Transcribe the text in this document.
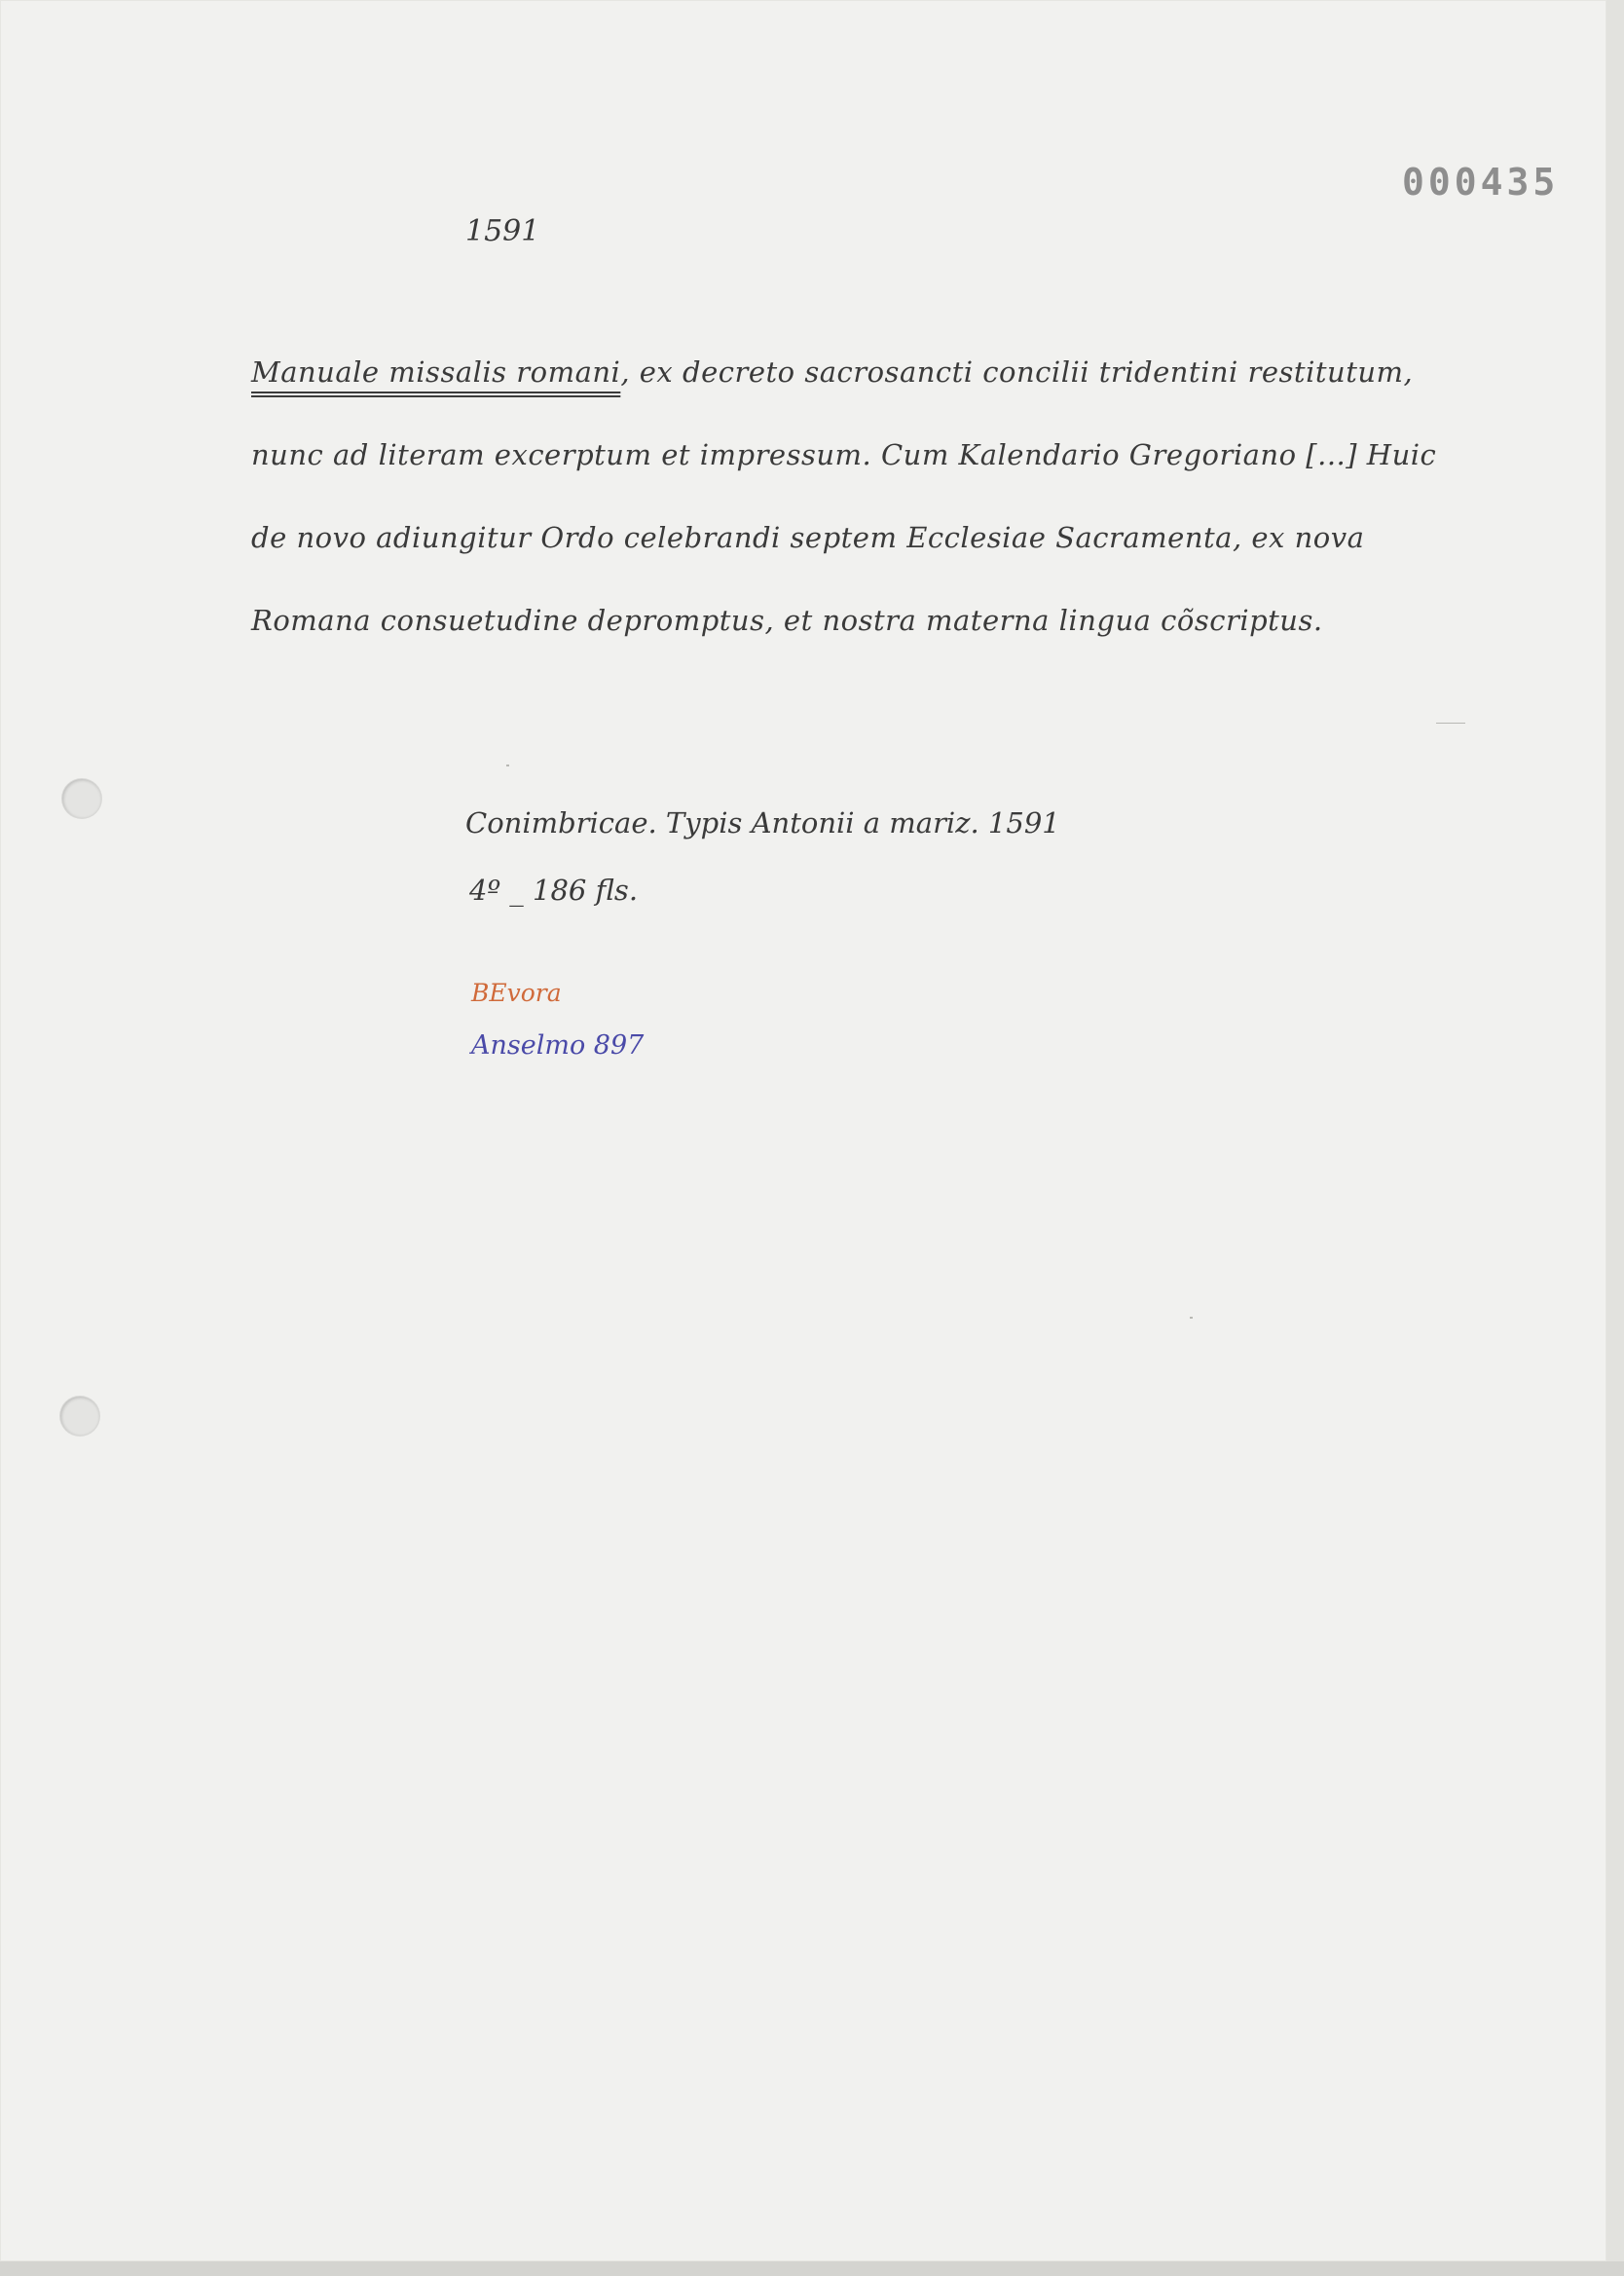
000435
1591
Manuale missalis romani, ex decreto sacrosancti concilii tridentini restitutum, nunc ad literam excerptum et impressum. Cum Kalendario Gregoriano [...] Huic de novo adiungitur Ordo celebrandi septem Ecclesiae Sacramenta, ex nova Romana consuetudine depromptus, et nostra materna lingua cõscriptus.
Conimbricae. Typis Antonii a mariz. 1591
4º _ 186 fls.
BEvora
Anselmo 897
